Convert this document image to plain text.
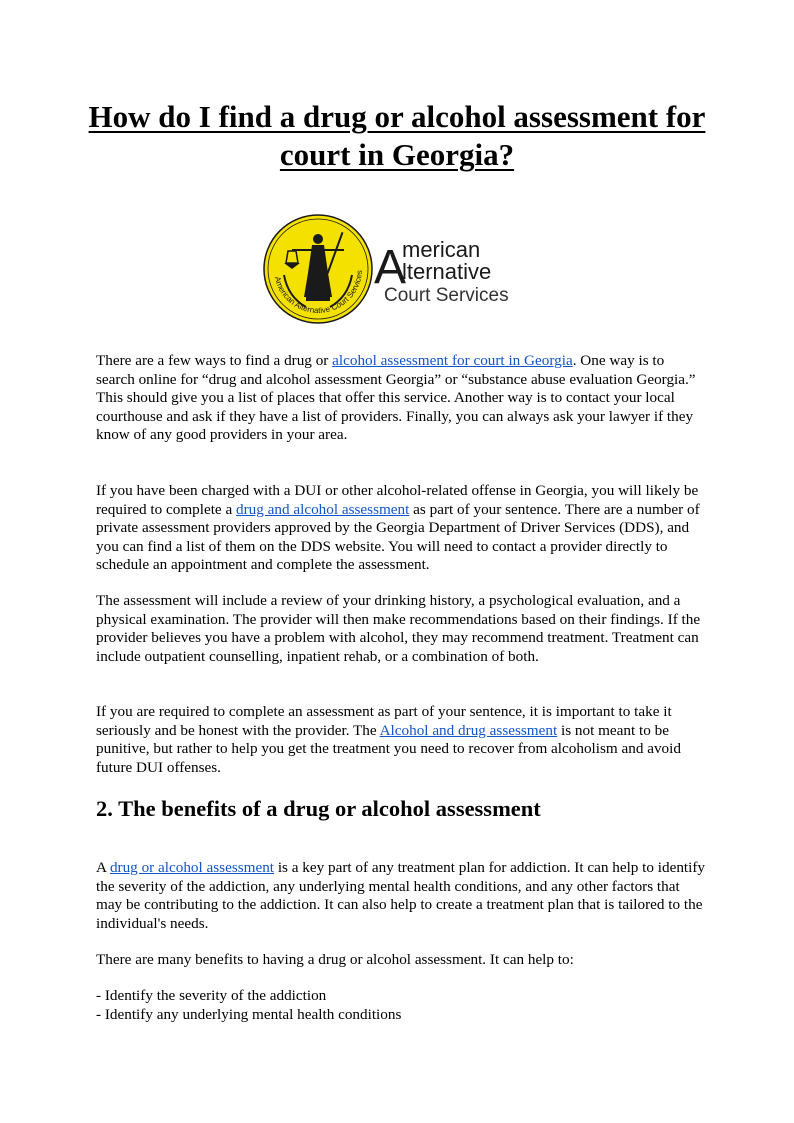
How do I find a drug or alcohol assessment for court in Georgia?
American Alternative Court Services A
merican
lternative
Court Services

There are a few ways to find a drug or alcohol assessment for court in Georgia. One way is to search online for “drug and alcohol assessment Georgia” or “substance abuse evaluation Georgia.” This should give you a list of places that offer this service. Another way is to contact your local courthouse and ask if they have a list of providers. Finally, you can always ask your lawyer if they know of any good providers in your area.

If you have been charged with a DUI or other alcohol-related offense in Georgia, you will likely be required to complete a drug and alcohol assessment as part of your sentence. There are a number of private assessment providers approved by the Georgia Department of Driver Services (DDS), and you can find a list of them on the DDS website. You will need to contact a provider directly to schedule an appointment and complete the assessment.

The assessment will include a review of your drinking history, a psychological evaluation, and a physical examination. The provider will then make recommendations based on their findings. If the provider believes you have a problem with alcohol, they may recommend treatment. Treatment can include outpatient counselling, inpatient rehab, or a combination of both.

If you are required to complete an assessment as part of your sentence, it is important to take it seriously and be honest with the provider. The Alcohol and drug assessment is not meant to be punitive, but rather to help you get the treatment you need to recover from alcoholism and avoid future DUI offenses.

2. The benefits of a drug or alcohol assessment

A drug or alcohol assessment is a key part of any treatment plan for addiction. It can help to identify the severity of the addiction, any underlying mental health conditions, and any other factors that may be contributing to the addiction. It can also help to create a treatment plan that is tailored to the individual's needs.

There are many benefits to having a drug or alcohol assessment. It can help to:

- Identify the severity of the addiction
- Identify any underlying mental health conditions
